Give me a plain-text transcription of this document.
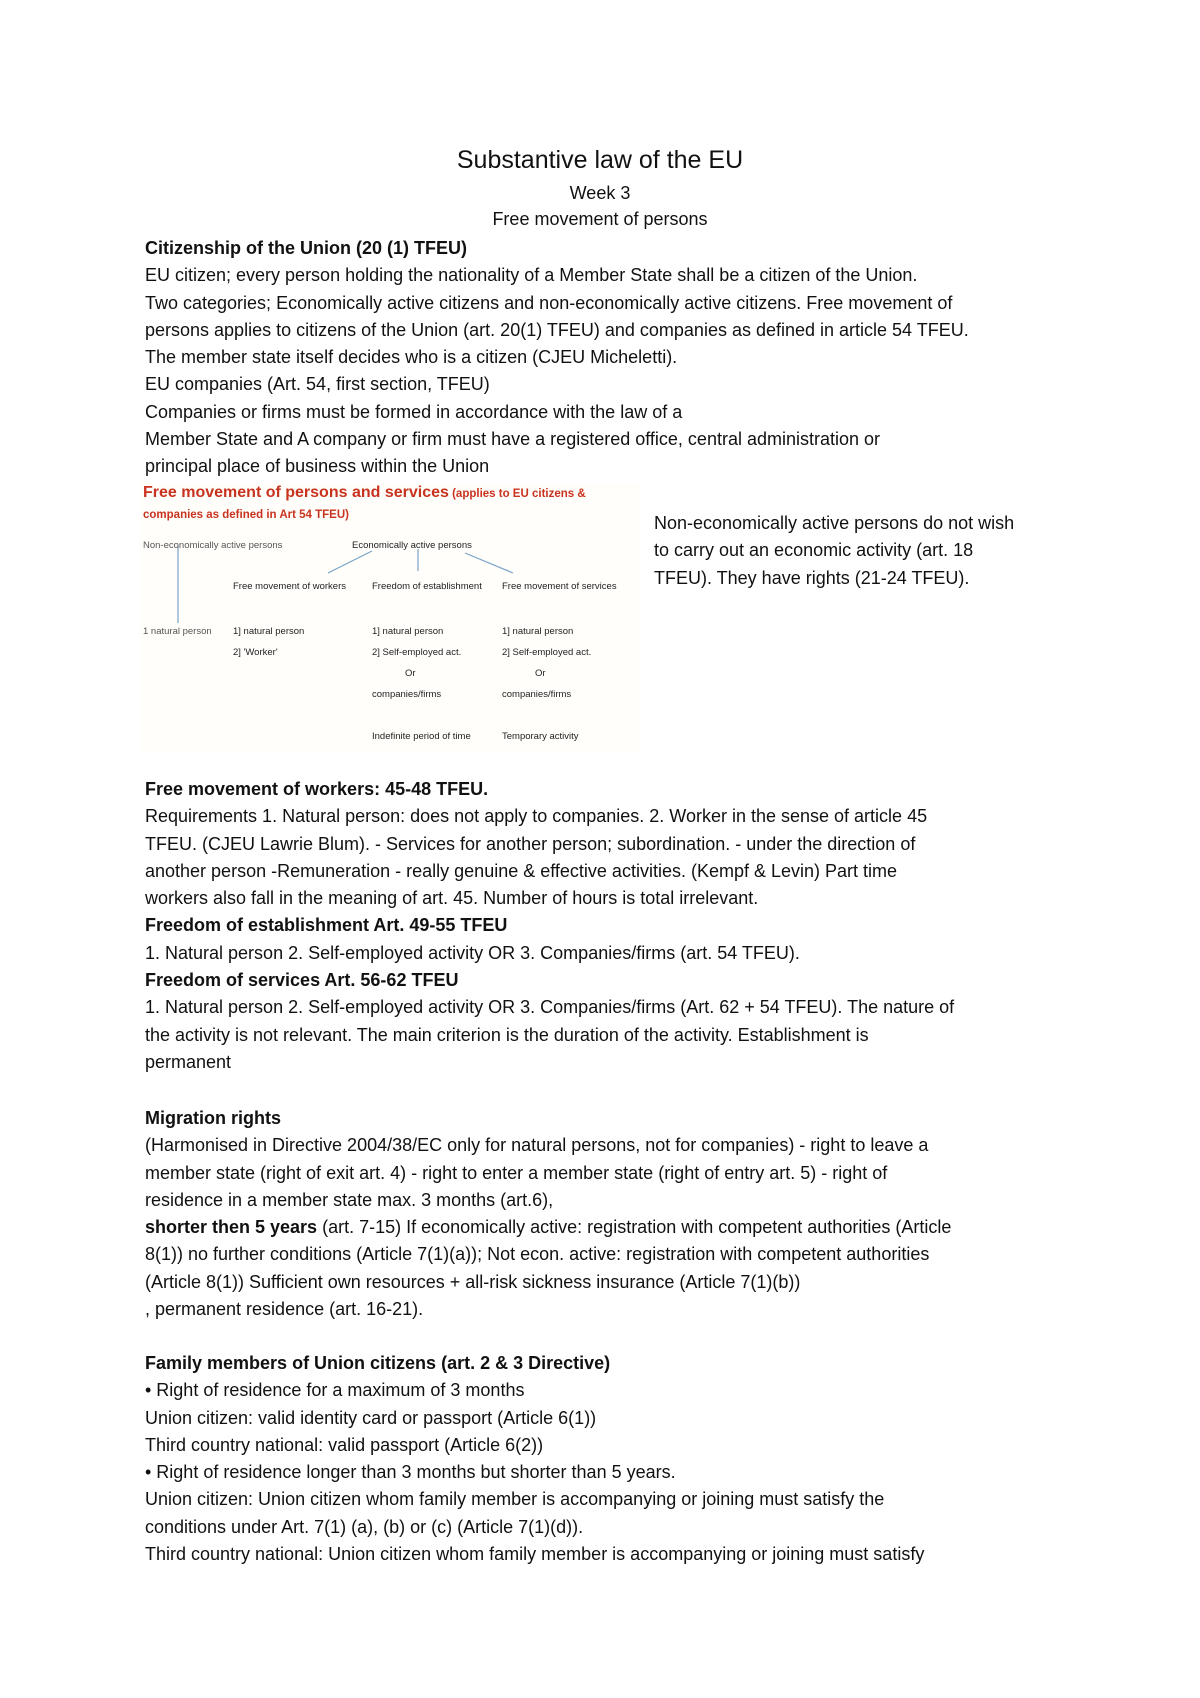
Substantive law of the EU
Week 3
Free movement of persons

Citizenship of the Union (20 (1) TFEU)

EU citizen; every person holding the nationality of a Member State shall be a citizen of the Union.

Two categories; Economically active citizens and non-economically active citizens. Free movement of

persons applies to citizens of the Union (art. 20(1) TFEU) and companies as defined in article 54 TFEU.

The member state itself decides who is a citizen (CJEU Micheletti).

EU companies (Art. 54, first section, TFEU)

Companies or firms must be formed in accordance with the law of a

Member State and A company or firm must have a registered office, central administration or

principal place of business within the Union

Free movement of persons and services (applies to EU citizens &
companies as defined in Art 54 TFEU)
Non-economically active persons	Economically active persons
Free movement of workers	Freedom of establishment Free movement of services
1 natural person 1] natural person
2] 'Worker'
1] natural person
2] Self-employed act.
Or
companies/firms
Indefinite period of time
1] natural person
2] Self-employed act.
Or
companies/firms
Temporary activity
Non-economically active persons do not wish
to carry out an economic activity (art. 18
TFEU). They have rights (21-24 TFEU).

Free movement of workers: 45-48 TFEU.

Requirements 1. Natural person: does not apply to companies. 2. Worker in the sense of article 45

TFEU. (CJEU Lawrie Blum). - Services for another person; subordination. - under the direction of

another person -Remuneration - really genuine & effective activities. (Kempf & Levin) Part time

workers also fall in the meaning of art. 45. Number of hours is total irrelevant.

Freedom of establishment Art. 49-55 TFEU

1. Natural person 2. Self-employed activity OR 3. Companies/firms (art. 54 TFEU).

Freedom of services Art. 56-62 TFEU

1. Natural person 2. Self-employed activity OR 3. Companies/firms (Art. 62 + 54 TFEU). The nature of

the activity is not relevant. The main criterion is the duration of the activity. Establishment is

permanent

Migration rights

(Harmonised in Directive 2004/38/EC only for natural persons, not for companies) - right to leave a

member state (right of exit art. 4) - right to enter a member state (right of entry art. 5) - right of

residence in a member state max. 3 months (art.6),

shorter then 5 years (art. 7-15) If economically active: registration with competent authorities (Article

8(1)) no further conditions (Article 7(1)(a)); Not econ. active: registration with competent authorities

(Article 8(1)) Sufficient own resources + all-risk sickness insurance (Article 7(1)(b))

, permanent residence (art. 16-21).

Family members of Union citizens (art. 2 & 3 Directive)

• Right of residence for a maximum of 3 months

Union citizen: valid identity card or passport (Article 6(1))

Third country national: valid passport (Article 6(2))

• Right of residence longer than 3 months but shorter than 5 years.

Union citizen: Union citizen whom family member is accompanying or joining must satisfy the

conditions under Art. 7(1) (a), (b) or (c) (Article 7(1)(d)).

Third country national: Union citizen whom family member is accompanying or joining must satisfy
